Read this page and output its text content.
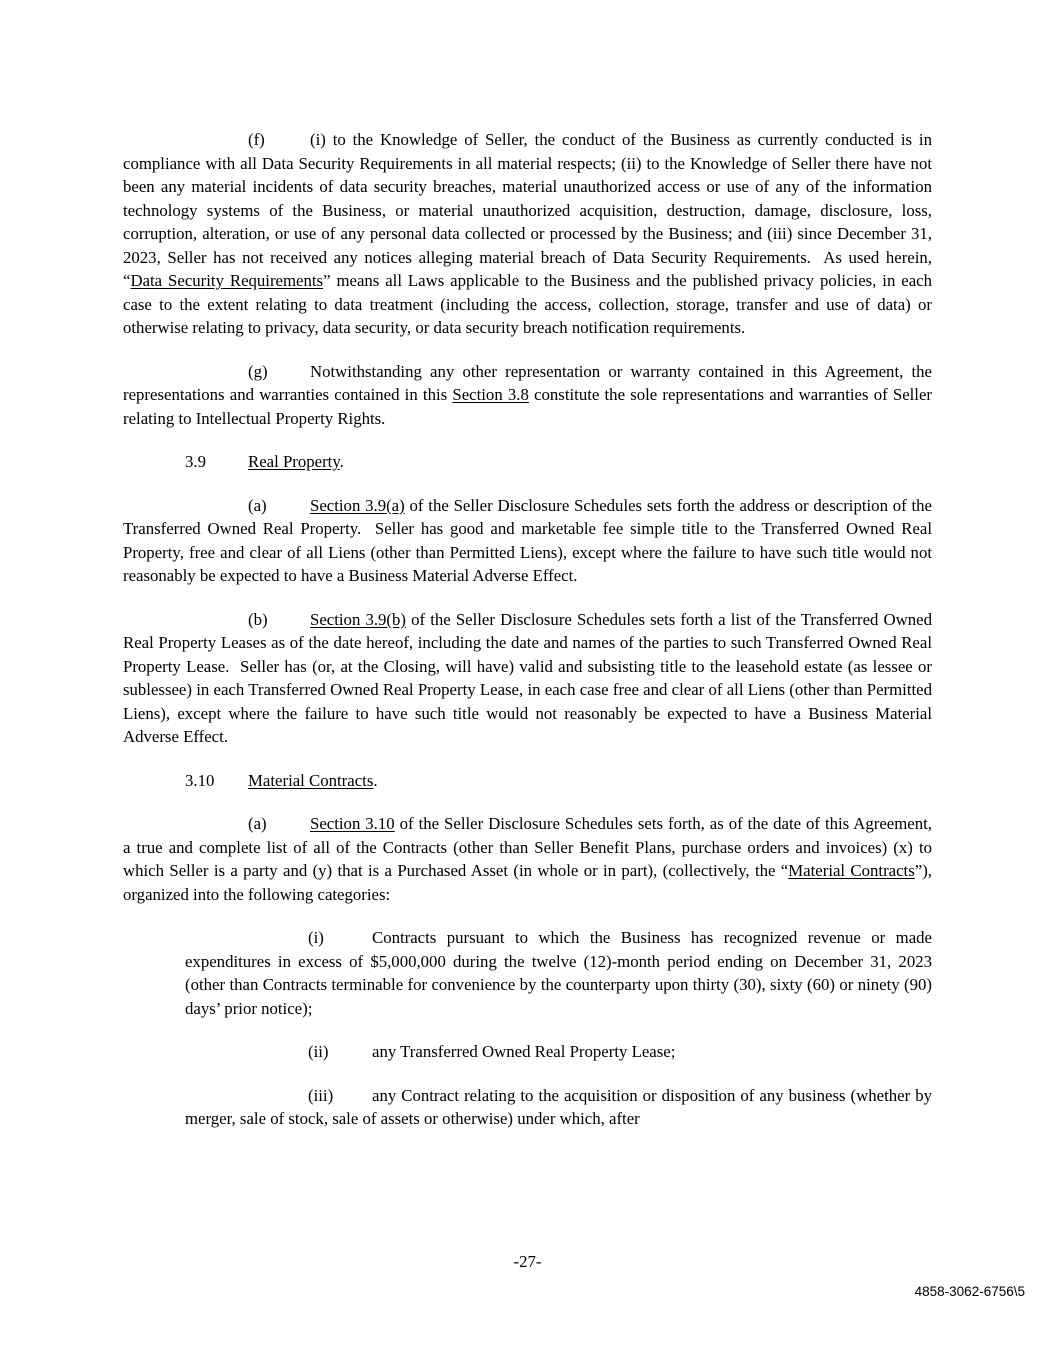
(f)	(i) to the Knowledge of Seller, the conduct of the Business as currently conducted is in compliance with all Data Security Requirements in all material respects; (ii) to the Knowledge of Seller there have not been any material incidents of data security breaches, material unauthorized access or use of any of the information technology systems of the Business, or material unauthorized acquisition, destruction, damage, disclosure, loss, corruption, alteration, or use of any personal data collected or processed by the Business; and (iii) since December 31, 2023, Seller has not received any notices alleging material breach of Data Security Requirements.  As used herein, “Data Security Requirements” means all Laws applicable to the Business and the published privacy policies, in each case to the extent relating to data treatment (including the access, collection, storage, transfer and use of data) or otherwise relating to privacy, data security, or data security breach notification requirements.

(g)	Notwithstanding any other representation or warranty contained in this Agreement, the representations and warranties contained in this Section 3.8 constitute the sole representations and warranties of Seller relating to Intellectual Property Rights.

3.9	Real Property.

(a)	Section 3.9(a) of the Seller Disclosure Schedules sets forth the address or description of the Transferred Owned Real Property.  Seller has good and marketable fee simple title to the Transferred Owned Real Property, free and clear of all Liens (other than Permitted Liens), except where the failure to have such title would not reasonably be expected to have a Business Material Adverse Effect.

(b)	Section 3.9(b) of the Seller Disclosure Schedules sets forth a list of the Transferred Owned Real Property Leases as of the date hereof, including the date and names of the parties to such Transferred Owned Real Property Lease.  Seller has (or, at the Closing, will have) valid and subsisting title to the leasehold estate (as lessee or sublessee) in each Transferred Owned Real Property Lease, in each case free and clear of all Liens (other than Permitted Liens), except where the failure to have such title would not reasonably be expected to have a Business Material Adverse Effect.

3.10 Material Contracts.

(a)	Section 3.10 of the Seller Disclosure Schedules sets forth, as of the date of this Agreement, a true and complete list of all of the Contracts (other than Seller Benefit Plans, purchase orders and invoices) (x) to which Seller is a party and (y) that is a Purchased Asset (in whole or in part), (collectively, the “Material Contracts”), organized into the following categories:

(i)	Contracts pursuant to which the Business has recognized revenue or made expenditures in excess of $5,000,000 during the twelve (12)-month period ending on December 31, 2023 (other than Contracts terminable for convenience by the counterparty upon thirty (30), sixty (60) or ninety (90) days’ prior notice);

(ii)	any Transferred Owned Real Property Lease;

(iii) any Contract relating to the acquisition or disposition of any business (whether by merger, sale of stock, sale of assets or otherwise) under which, after

-27-
4858-3062-6756\5
